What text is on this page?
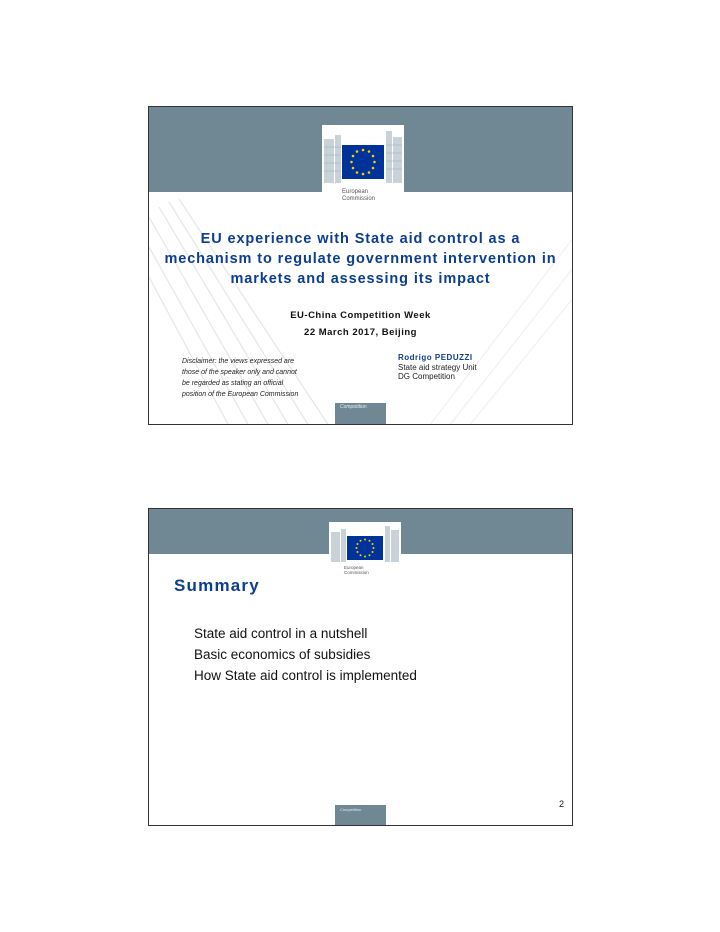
European
Commission
EU experience with State aid control as a
mechanism to regulate government intervention in
markets and assessing its impact
EU-China Competition Week
22 March 2017, Beijing
Disclaimer: the views expressed are
those of the speaker only and cannot
be regarded as stating an official
position of the European Commission
Rodrigo PEDUZZI
State aid strategy Unit
DG Competition
Competition
European
Commission
Summary
State aid control in a nutshell
Basic economics of subsidies
How State aid control is implemented
2
Competition
